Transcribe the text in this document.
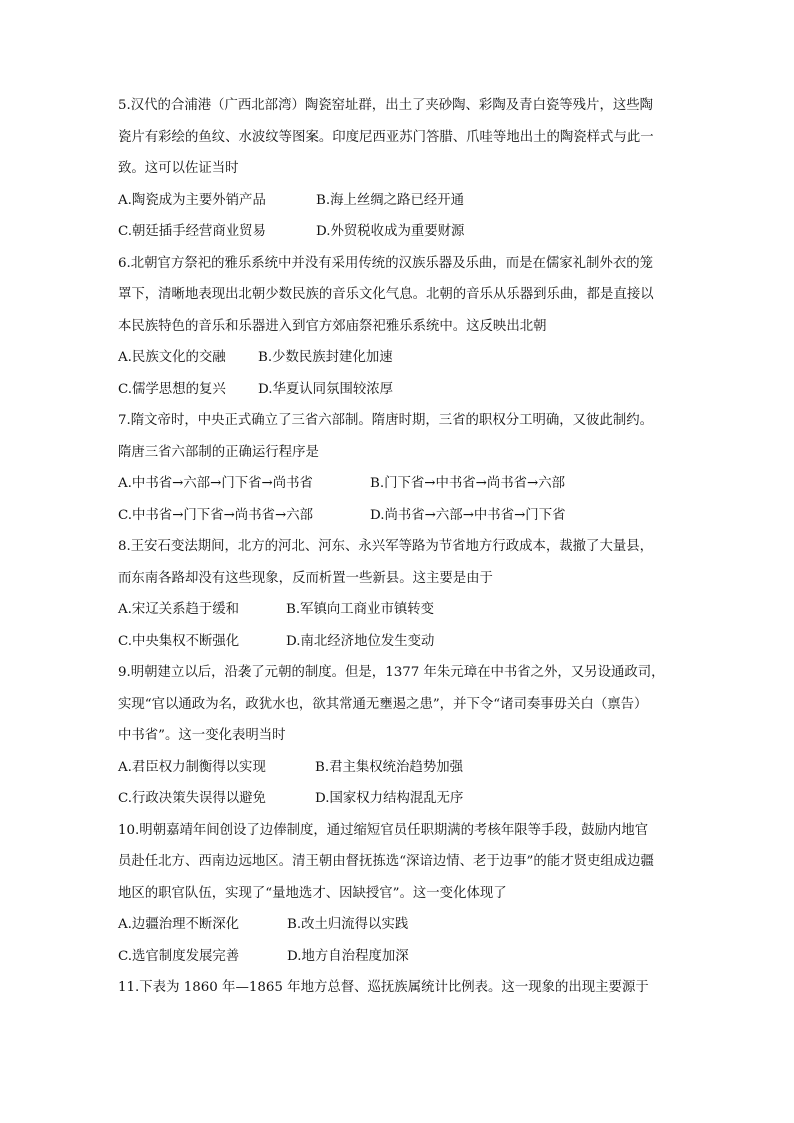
5.汉代的合浦港（广西北部湾）陶瓷窑址群，出土了夹砂陶、彩陶及青白瓷等残片，这些陶

瓷片有彩绘的鱼纹、水波纹等图案。印度尼西亚苏门答腊、爪哇等地出土的陶瓷样式与此一

致。这可以佐证当时

A.陶瓷成为主要外销产品	B.海上丝绸之路已经开通
C.朝廷插手经营商业贸易	D.外贸税收成为重要财源

6.北朝官方祭祀的雅乐系统中并没有采用传统的汉族乐器及乐曲，而是在儒家礼制外衣的笼

罩下，清晰地表现出北朝少数民族的音乐文化气息。北朝的音乐从乐器到乐曲，都是直接以

本民族特色的音乐和乐器进入到官方郊庙祭祀雅乐系统中。这反映出北朝

A.民族文化的交融	B.少数民族封建化加速
C.儒学思想的复兴	D.华夏认同氛围较浓厚

7.隋文帝时，中央正式确立了三省六部制。隋唐时期，三省的职权分工明确，又彼此制约。

隋唐三省六部制的正确运行程序是

A.中书省→六部→门下省→尚书省	B.门下省→中书省→尚书省→六部
C.中书省→门下省→尚书省→六部	D.尚书省→六部→中书省→门下省

8.王安石变法期间，北方的河北、河东、永兴军等路为节省地方行政成本，裁撤了大量县，

而东南各路却没有这些现象，反而析置一些新县。这主要是由于

A.宋辽关系趋于缓和	B.军镇向工商业市镇转变
C.中央集权不断强化	D.南北经济地位发生变动

9.明朝建立以后，沿袭了元朝的制度。但是，1377 年朱元璋在中书省之外，又另设通政司，

实现“官以通政为名，政犹水也，欲其常通无壅遏之患”，并下令“诸司奏事毋关白（禀告）

中书省”。这一变化表明当时

A.君臣权力制衡得以实现	B.君主集权统治趋势加强
C.行政决策失误得以避免	D.国家权力结构混乱无序

10.明朝嘉靖年间创设了边俸制度，通过缩短官员任职期满的考核年限等手段，鼓励内地官

员赴任北方、西南边远地区。清王朝由督抚拣选“深谙边情、老于边事”的能才贤吏组成边疆

地区的职官队伍，实现了“量地选才、因缺授官”。这一变化体现了

A.边疆治理不断深化	B.改土归流得以实践
C.选官制度发展完善	D.地方自治程度加深

11.下表为 1860 年—1865 年地方总督、巡抚族属统计比例表。这一现象的出现主要源于
